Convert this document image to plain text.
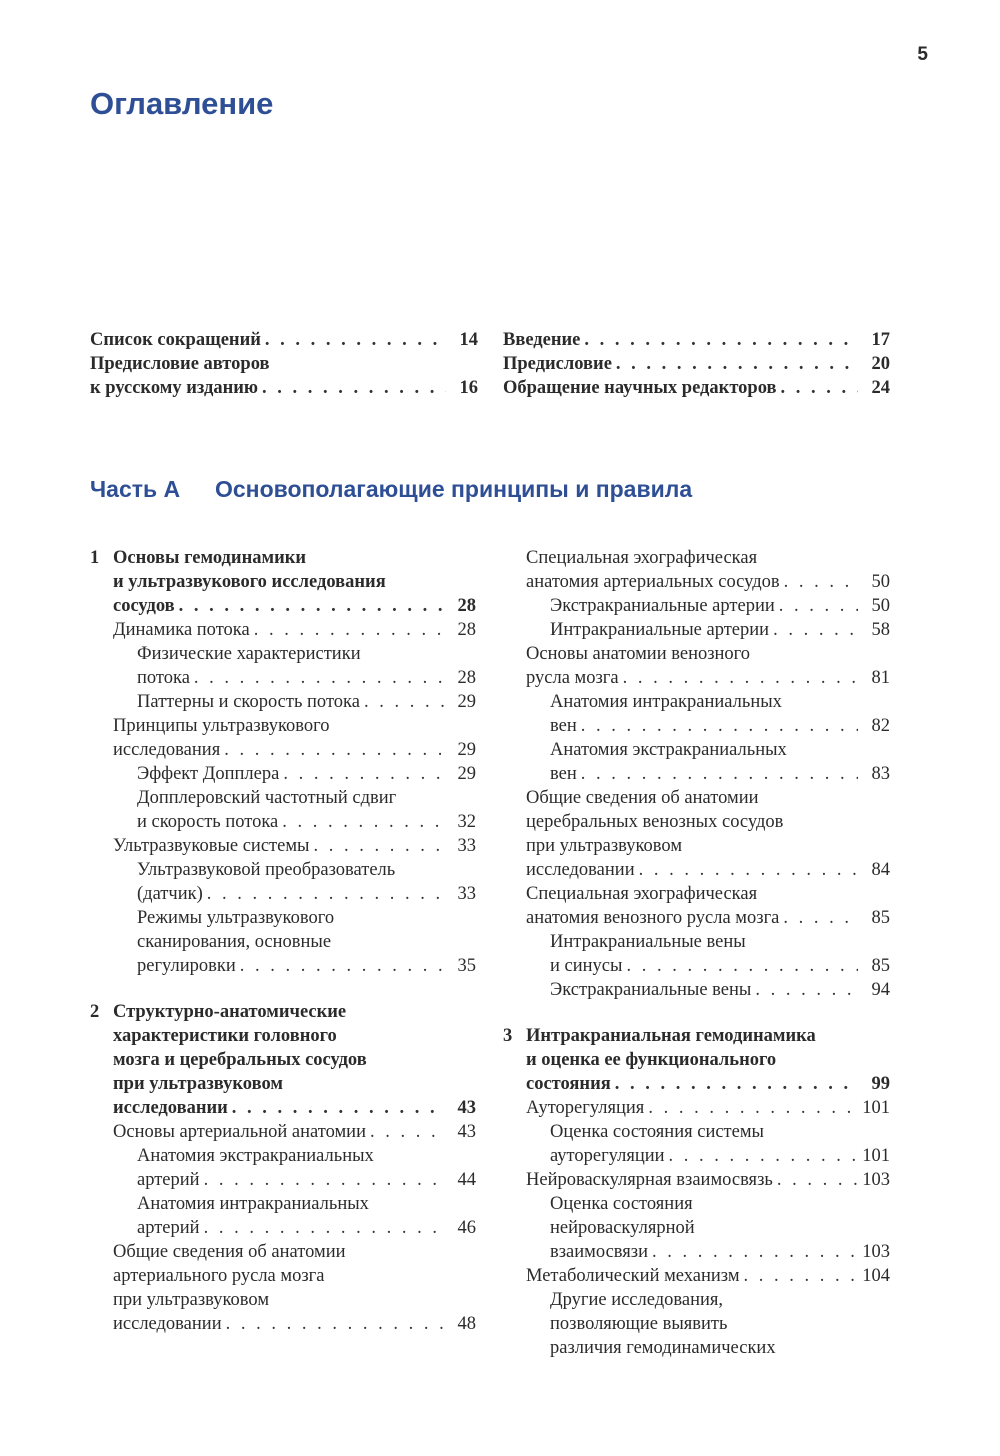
5
Оглавление
Список сокращений . . .	14
Предисловие авторов
к русскому изданию . . .	16
Введение . . .	17
Предисловие . . .	20
Обращение научных редакторов . . .	24
Часть А Основополагающие принципы и правила
1 Основы гемодинамики
и ультразвукового исследования
сосудов . . .	28
Динамика потока . . .	28
Физические характеристики
потока . . .	28
Паттерны и скорость потока . . .	29
Принципы ультразвукового
исследования . . .	29
Эффект Допплера . . .	29
Допплеровский частотный сдвиг
и скорость потока . . .	32
Ультразвуковые системы . . .	33
Ультразвуковой преобразователь
(датчик) . . .	33
Режимы ультразвукового
сканирования, основные
регулировки . . .	35
2 Структурно-анатомические
характеристики головного
мозга и церебральных сосудов
при ультразвуковом
исследовании . . .	43
Основы артериальной анатомии . . .	43
Анатомия экстракраниальных
артерий . . .	44
Анатомия интракраниальных
артерий . . .	46
Общие сведения об анатомии
артериального русла мозга
при ультразвуковом
исследовании . . .	48
Специальная эхографическая
анатомия артериальных сосудов . . .	50
Экстракраниальные артерии . . .	50
Интракраниальные артерии . . .	58
Основы анатомии венозного
русла мозга . . .	81
Анатомия интракраниальных
вен . . .	82
Анатомия экстракраниальных
вен . . .	83
Общие сведения об анатомии
церебральных венозных сосудов
при ультразвуковом
исследовании . . .	84
Специальная эхографическая
анатомия венозного русла мозга . . .	85
Интракраниальные вены
и синусы . . .	85
Экстракраниальные вены . . .	94
3 Интракраниальная гемодинамика
и оценка ее функционального
состояния . . .	99
Ауторегуляция . . .	101
Оценка состояния системы
ауторегуляции . . .	101
Нейроваскулярная взаимосвязь . . .	103
Оценка состояния
нейроваскулярной
взаимосвязи . . .	103
Метаболический механизм . . .	104
Другие исследования,
позволяющие выявить
различия гемодинамических
